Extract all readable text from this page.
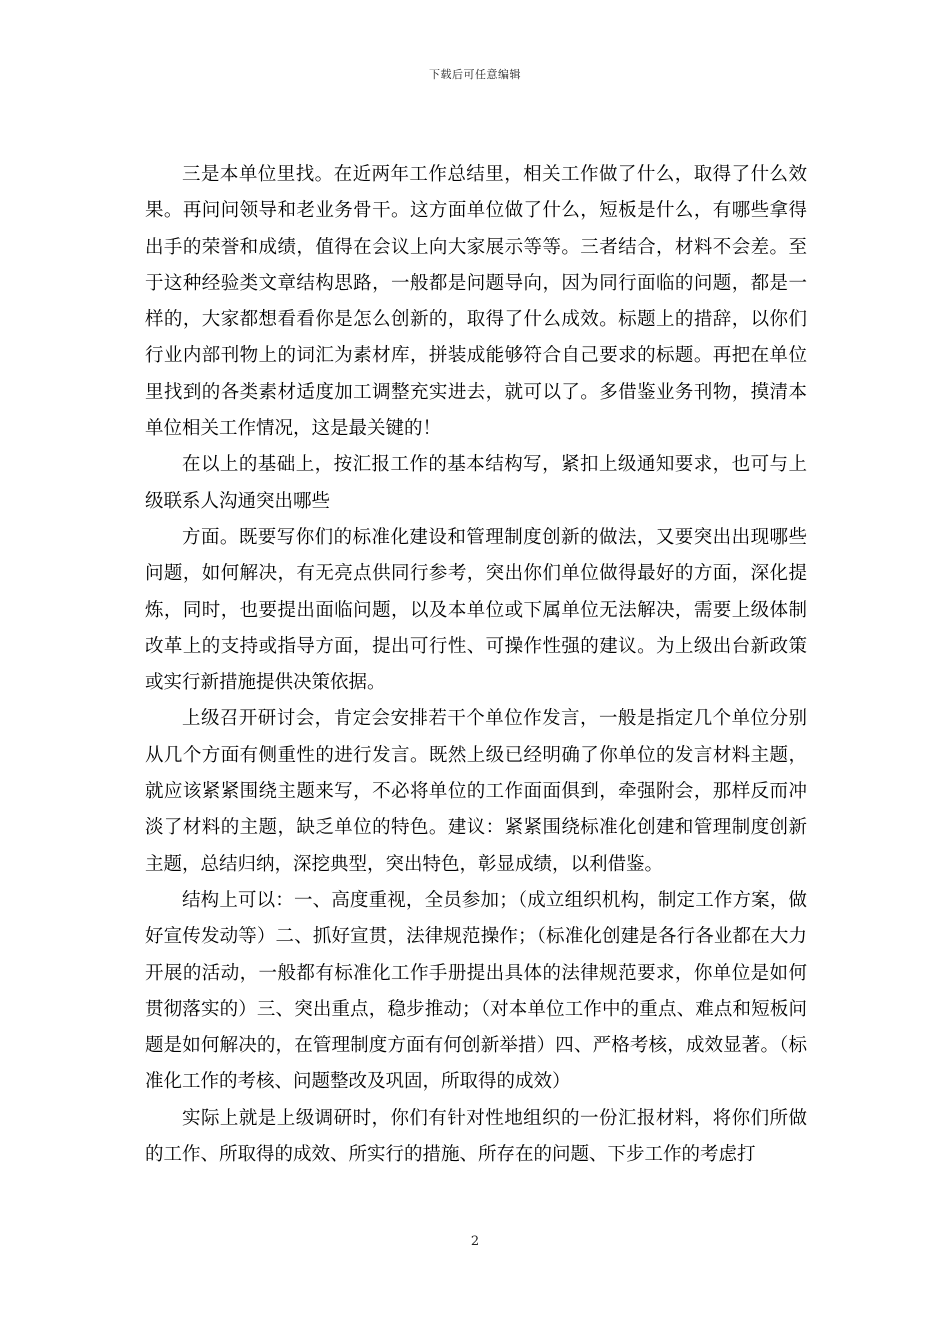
下载后可任意编辑

三是本单位里找。在近两年工作总结里，相关工作做了什么，取得了什么效果。再问问领导和老业务骨干。这方面单位做了什么，短板是什么，有哪些拿得出手的荣誉和成绩，值得在会议上向大家展示等等。三者结合，材料不会差。至于这种经验类文章结构思路，一般都是问题导向，因为同行面临的问题，都是一样的，大家都想看看你是怎么创新的，取得了什么成效。标题上的措辞，以你们行业内部刊物上的词汇为素材库，拼装成能够符合自己要求的标题。再把在单位里找到的各类素材适度加工调整充实进去，就可以了。多借鉴业务刊物，摸清本单位相关工作情况，这是最关键的！

在以上的基础上，按汇报工作的基本结构写，紧扣上级通知要求，也可与上级联系人沟通突出哪些

方面。既要写你们的标准化建设和管理制度创新的做法，又要突出出现哪些问题，如何解决，有无亮点供同行参考，突出你们单位做得最好的方面，深化提炼，同时，也要提出面临问题，以及本单位或下属单位无法解决，需要上级体制改革上的支持或指导方面，提出可行性、可操作性强的建议。为上级出台新政策或实行新措施提供决策依据。

上级召开研讨会，肯定会安排若干个单位作发言，一般是指定几个单位分别从几个方面有侧重性的进行发言。既然上级已经明确了你单位的发言材料主题，就应该紧紧围绕主题来写，不必将单位的工作面面俱到，牵强附会，那样反而冲淡了材料的主题，缺乏单位的特色。建议：紧紧围绕标准化创建和管理制度创新主题，总结归纳，深挖典型，突出特色，彰显成绩，以利借鉴。

结构上可以：一、高度重视，全员参加；（成立组织机构，制定工作方案，做好宣传发动等）二、抓好宣贯，法律规范操作；（标准化创建是各行各业都在大力开展的活动，一般都有标准化工作手册提出具体的法律规范要求，你单位是如何贯彻落实的）三、突出重点，稳步推动；（对本单位工作中的重点、难点和短板问题是如何解决的，在管理制度方面有何创新举措）四、严格考核，成效显著。（标准化工作的考核、问题整改及巩固，所取得的成效）

实际上就是上级调研时，你们有针对性地组织的一份汇报材料，将你们所做的工作、所取得的成效、所实行的措施、所存在的问题、下步工作的考虑打

2
